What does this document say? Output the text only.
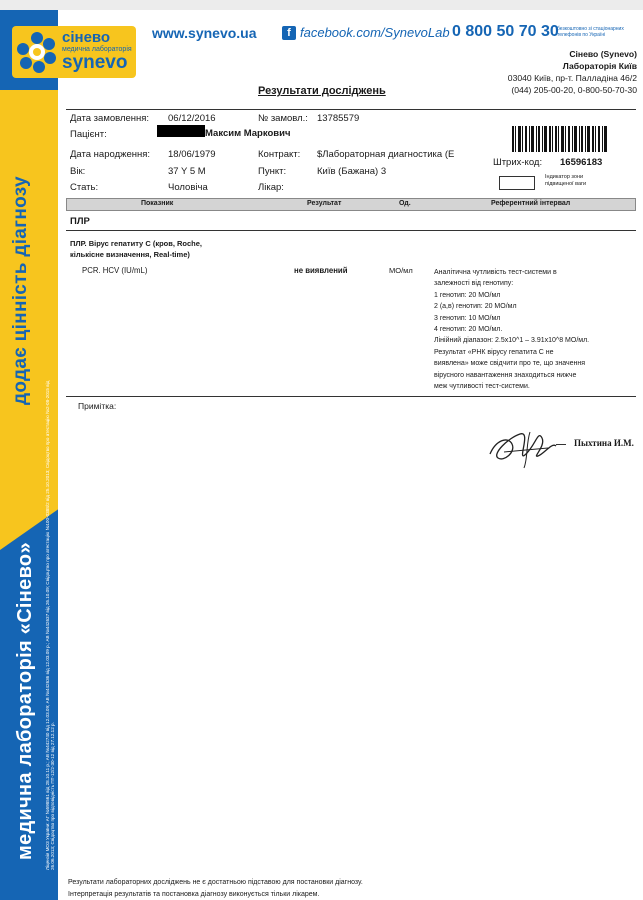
додає цінність діагнозу
медична лабораторія «Сінево» Ліцензія МОЗ України: АГ №598561 від 28.10.11 р.; АВ №442740 від 12.03.09; АВ №442636 від 12.03.09 р.; АВ №442637 від 26.10.09; Свідоцтво про атестацію №100-0388/2 від 25.10.2013; Свідоцтво про атестацію №2-08-2015 від 26.06.2013; Свідоцтво про відповідність ПТ-12/2-30-12 від 27.12.12 р.
сінево
медична лабораторія
synevo
www.synevo.ua	f facebook.com/SynevoLab 0 800 50 70 30
безкоштовно зі стаціонарних телефонів по Україні
Сінево (Synevo)
Лабораторія Київ
03040 Київ, пр-т. Палладіна 46/2
(044) 205-00-20, 0-800-50-70-30
Результати досліджень
Дата замовлення: 06/12/2016	№ замовл.: 13785579
Пацієнт:	Максим Маркович
Дата народження: 18/06/1979	Контракт: $Лабораторная диагностика (Е
Вік:	37 Y 5 M	Пункт:	Київ (Бажана) 3
Стать:	Чоловіча	Лікар:
Штрих-код: 16596183
Індикатор зони підвищеної ваги
Показник	Результат	Од.	Референтний інтервал
ПЛР
ПЛР. Вірус гепатиту С (кров, Roche,
кількісне визначення, Real-time)
PCR. HCV (IU/mL)	не виявлений	МО/мл	Аналітична чутливість тест-системи в
залежності від генотипу:
1 генотип: 20 МО/мл
2 (а,в) генотип: 20 МО/мл
3 генотип: 10 МО/мл
4 генотип: 20 МО/мл.
Лінійний діапазон: 2.5x10^1 – 3.91x10^8 МО/мл.
Результат «РНК вірусу гепатита С не
виявлена» може свідчити про те, що значення
вірусного навантаження знаходиться нижче
меж чутливості тест-системи.
Примітка:
Пыхтина И.М.
Результати лабораторних досліджень не є достатньою підставою для постановки діагнозу.
Інтерпретація результатів та постановка діагнозу виконується тільки лікарем.
